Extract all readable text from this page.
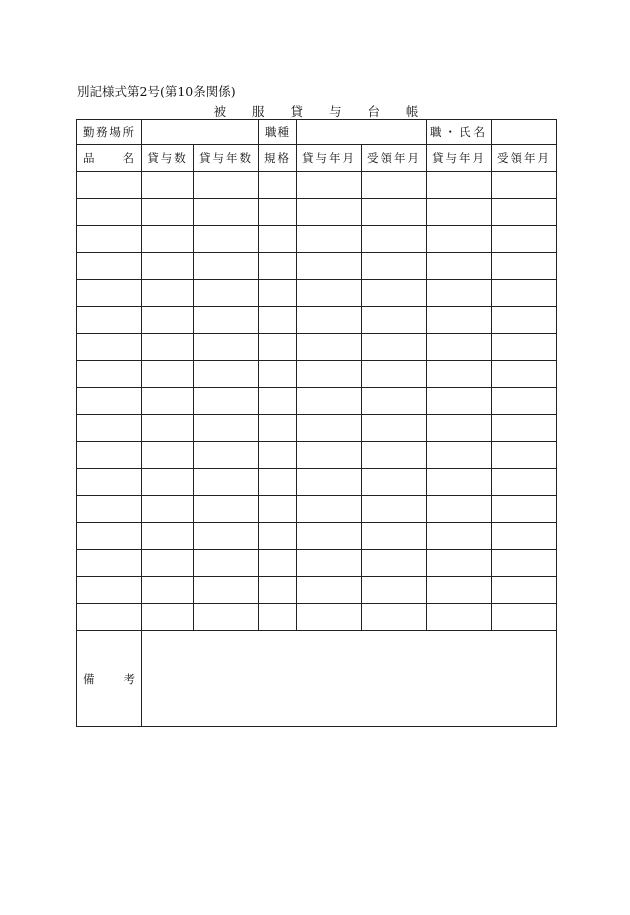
別記様式第2号(第10条関係)
被 服 貸 与 台 帳
勤務場所			職種			職・氏名	
品　名	貸与数	貸与年数	規格	貸与年月	受領年月	貸与年月	受領年月

備　考							
